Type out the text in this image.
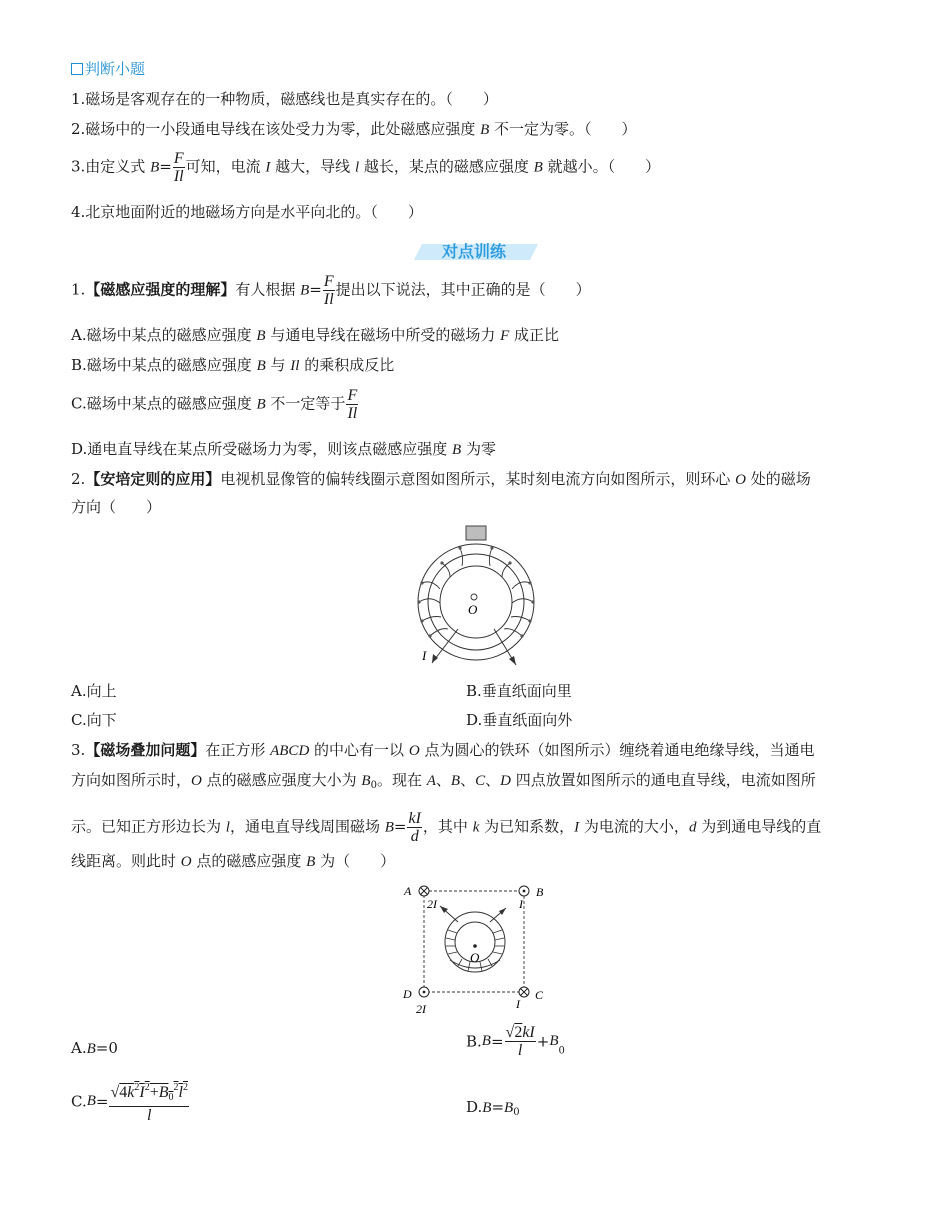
判断小题
1.磁场是客观存在的一种物质，磁感线也是真实存在的。（　　）
2.磁场中的一小段通电导线在该处受力为零，此处磁感应强度 B 不一定为零。（　　）
3.由定义式 $B= \frac{F}{Il}$ 可知，电流 I 越大，导线 l 越长，某点的磁感应强度 B 就越小。（　　）
4.北京地面附近的地磁场方向是水平向北的。（　　）
对点训练
1.【磁感应强度的理解】有人根据 $B= \frac{F}{Il}$ 提出以下说法，其中正确的是（　　）
A.磁场中某点的磁感应强度 B 与通电导线在磁场中所受的磁场力 F 成正比
B.磁场中某点的磁感应强度 B 与 Il 的乘积成反比
C.磁场中某点的磁感应强度 B 不一定等于 $\frac{F}{Il}$
D.通电直导线在某点所受磁场力为零，则该点磁感应强度 B 为零
2.【安培定则的应用】电视机显像管的偏转线圈示意图如图所示，某时刻电流方向如图所示，则环心 O 处的磁场
方向（　　）
O
I
A.向上	B.垂直纸面向里
C.向下	D.垂直纸面向外
3.【磁场叠加问题】在正方形 ABCD 的中心有一以 O 点为圆心的铁环（如图所示）缠绕着通电绝缘导线，当通电
方向如图所示时，O 点的磁感应强度大小为 $B_0$。现在 A、B、C、D 四点放置如图所示的通电直导线，电流如图所
示。已知正方形边长为 l，通电直导线周围磁场 $B= \frac{kI}{d}$ ，其中 k 为已知系数，I 为电流的大小，d 为到通电导线的直
线距离。则此时 O 点的磁感应强度 B 为（　　）
A	B
C
D
2I	I
I
2I
O
A.B=0	$B.B= \frac{√2kI}{l} +B_0$
$C.B= \frac{√4k^2I^2+B_0^2l^2}{l}$	$D.B=B_0$
